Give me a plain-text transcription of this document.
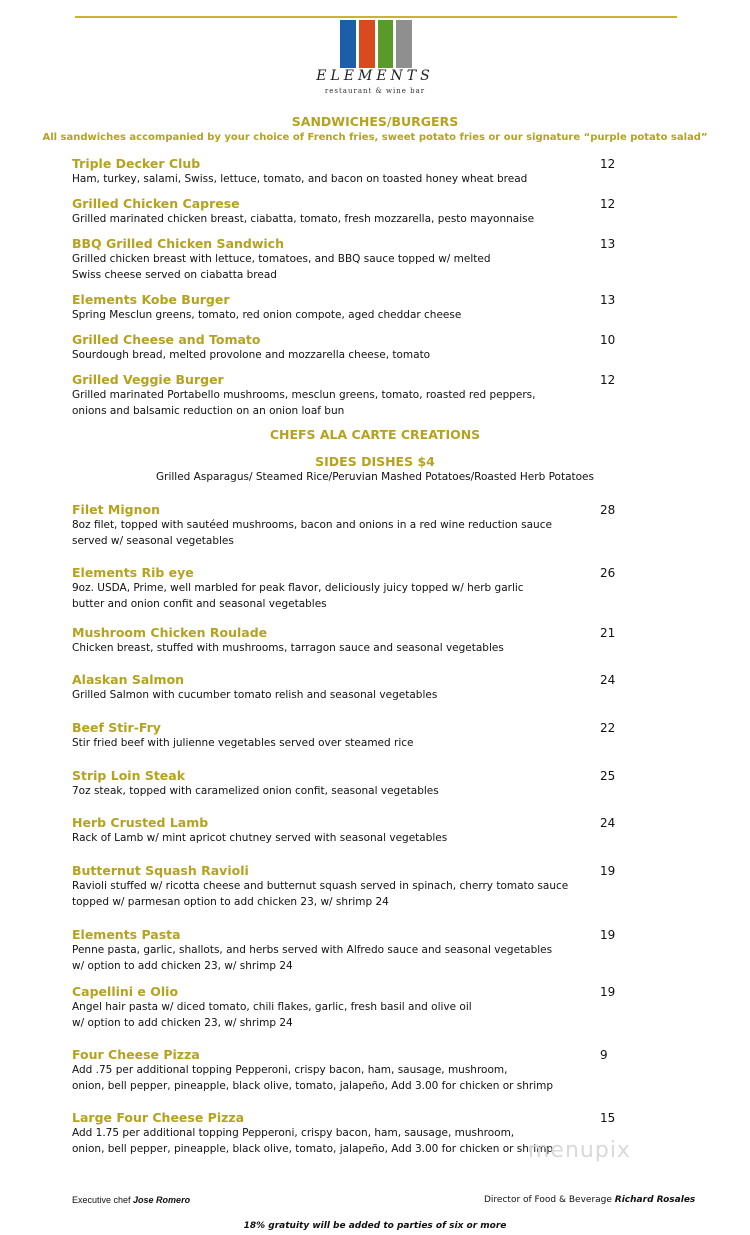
ELEMENTS
restaurant & wine bar
SANDWICHES/BURGERS
All sandwiches accompanied by your choice of French fries, sweet potato fries or our signature “purple potato salad”
Triple Decker Club
Ham, turkey, salami, Swiss, lettuce, tomato, and bacon on toasted honey wheat bread
12
Grilled Chicken Caprese
Grilled marinated chicken breast, ciabatta, tomato, fresh mozzarella, pesto mayonnaise
12
BBQ Grilled Chicken Sandwich
Grilled chicken breast with lettuce, tomatoes, and BBQ sauce topped w/ melted
Swiss cheese served on ciabatta bread
13
Elements Kobe Burger
Spring Mesclun greens, tomato, red onion compote, aged cheddar cheese
13
Grilled Cheese and Tomato
Sourdough bread, melted provolone and mozzarella cheese, tomato
10
Grilled Veggie Burger
Grilled marinated Portabello mushrooms, mesclun greens, tomato, roasted red peppers,
onions and balsamic reduction on an onion loaf bun
12
CHEFS ALA CARTE CREATIONS
SIDES DISHES $4
Grilled Asparagus/ Steamed Rice/Peruvian Mashed Potatoes/Roasted Herb Potatoes
Filet Mignon
8oz filet, topped with sautéed mushrooms, bacon and onions in a red wine reduction sauce
served w/ seasonal vegetables
28
Elements Rib eye
9oz. USDA, Prime, well marbled for peak flavor, deliciously juicy topped w/ herb garlic
butter and onion confit and seasonal vegetables
26
Mushroom Chicken Roulade
Chicken breast, stuffed with mushrooms, tarragon sauce and seasonal vegetables
21
Alaskan Salmon
Grilled Salmon with cucumber tomato relish and seasonal vegetables
24
Beef Stir-Fry
Stir fried beef with julienne vegetables served over steamed rice
22
Strip Loin Steak
7oz steak, topped with caramelized onion confit, seasonal vegetables
25
Herb Crusted Lamb
Rack of Lamb w/ mint apricot chutney served with seasonal vegetables
24
Butternut Squash Ravioli
Ravioli stuffed w/ ricotta cheese and butternut squash served in spinach, cherry tomato sauce
topped w/ parmesan option to add chicken 23, w/ shrimp 24
19
Elements Pasta
Penne pasta, garlic, shallots, and herbs served with Alfredo sauce and seasonal vegetables
w/ option to add chicken 23, w/ shrimp 24
19
Capellini e Olio
Angel hair pasta w/ diced tomato, chili flakes, garlic, fresh basil and olive oil
w/ option to add chicken 23, w/ shrimp 24
19
Four Cheese Pizza
Add .75 per additional topping Pepperoni, crispy bacon, ham, sausage, mushroom,
onion, bell pepper, pineapple, black olive, tomato, jalapeño, Add 3.00 for chicken or shrimp
9
Large Four Cheese Pizza
Add 1.75 per additional topping Pepperoni, crispy bacon, ham, sausage, mushroom,
onion, bell pepper, pineapple, black olive, tomato, jalapeño, Add 3.00 for chicken or shrimp
15
menupix
Executive chef Jose Romero	Director of Food & Beverage Richard Rosales
18% gratuity will be added to parties of six or more
